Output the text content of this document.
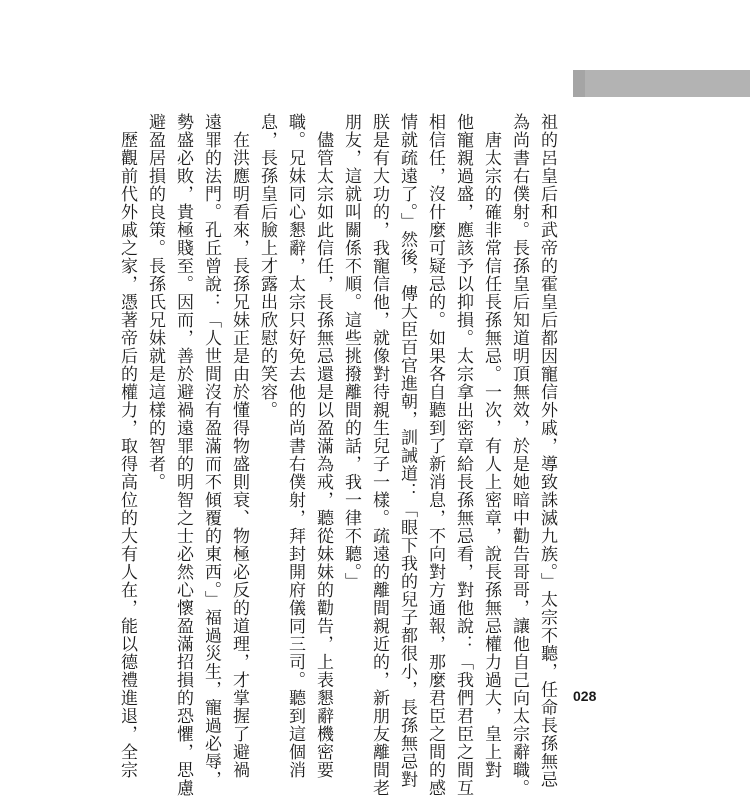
祖的呂皇后和武帝的霍皇后都因寵信外戚，導致誅滅九族。」太宗不聽，任命長孫無忌
為尚書右僕射。長孫皇后知道明頂無效，於是她暗中勸告哥哥，讓他自己向太宗辭職。
唐太宗的確非常信任長孫無忌。一次，有人上密章，說長孫無忌權力過大，皇上對
他寵親過盛，應該予以抑損。太宗拿出密章給長孫無忌看，對他說：「我們君臣之間互
相信任，沒什麼可疑忌的。如果各自聽到了新消息，不向對方通報，那麼君臣之間的感
情就疏遠了。」然後，傳大臣百官進朝，訓誡道：「眼下我的兒子都很小，長孫無忌對
朕是有大功的，我寵信他，就像對待親生兒子一樣。疏遠的離間親近的，新朋友離間老
朋友，這就叫關係不順。這些挑撥離間的話，我一律不聽。」
儘管太宗如此信任，長孫無忌還是以盈滿為戒，聽從妹妹的勸告，上表懇辭機密要
職。兄妹同心懇辭，太宗只好免去他的尚書右僕射，拜封開府儀同三司。聽到這個消
息，長孫皇后臉上才露出欣慰的笑容。
在洪應明看來，長孫兄妹正是由於懂得物盛則衰、物極必反的道理，才掌握了避禍
遠罪的法門。孔丘曾說：「人世間沒有盈滿而不傾覆的東西。」福過災生，寵過必辱，
勢盛必敗，貴極賤至。因而，善於避禍遠罪的明智之士必然心懷盈滿招損的恐懼，思慮
避盈居損的良策。長孫氏兄妹就是這樣的智者。
歷觀前代外戚之家，憑著帝后的權力，取得高位的大有人在，能以德禮進退，全宗	028
